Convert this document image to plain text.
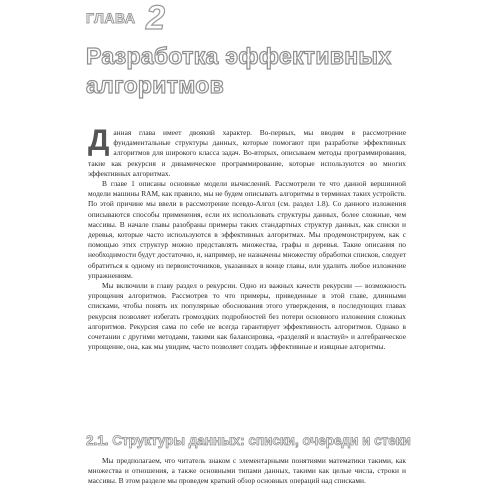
ГЛАВА 2
Разработка эффективных алгоритмов

Данная глава имеет двоякий характер. Во-первых, мы вводим в рассмотрение фундаментальные структуры данных, которые помогают при разработке эффективных алгоритмов для широкого класса задач. Во-вторых, описываем методы программирования, такие как рекурсия и динамическое программирование, которые используются во многих эффективных алгоритмах.

В главе 1 описаны основные модели вычислений. Рассмотрели те что данной вершинной модели машины RAM, как правило, мы не будем описывать алгоритмы в терминах таких устройств. По этой причине мы ввели в рассмотрение псевдо-Алгол (см. раздел 1.8). Со данного изложения описываются способы применения, если их использовать структуры данных, более сложные, чем массивы. В начале главы разобраны примеры таких стандартных структур данных, как списки и деревья, которые часто используются в эффективных алгоритмах. Мы продемонстрируем, как с помощью этих структур можно представлять множества, графы и деревья. Такие описания по необходимости будут достаточно, и, например, не назначены множеству обработки списков, следует обратиться к одному из первоисточников, указанных в конце главы, или удалить любое изложение упражнениям.

Мы включили в главу раздел о рекурсии. Одно из важных качеств рекурсии — возможность упрощения алгоритмов. Рассмотрев то что примеры, приведенные в этой главе, длинными списками, чтобы понять их популярные обоснования этого утверждения, в последующих главах рекурсия позволяет избегать громоздких подробностей без потери основного изложения сложных алгоритмов. Рекурсия сама по себе не всегда гарантирует эффективность алгоритмов. Однако в сочетании с другими методами, такими как балансировка, «разделяй и властвуй» и алгебраическое упрощение, она, как мы увидим, часто позволяет создать эффективные и изящные алгоритмы.

2.1. Структуры данных: списки, очереди и стеки

Мы предполагаем, что читатель знаком с элементарными понятиями математики такими, как множества и отношения, а также основными типами данных, такими как целые числа, строки и массивы. В этом разделе мы проведем краткий обзор основных операций над списками.
